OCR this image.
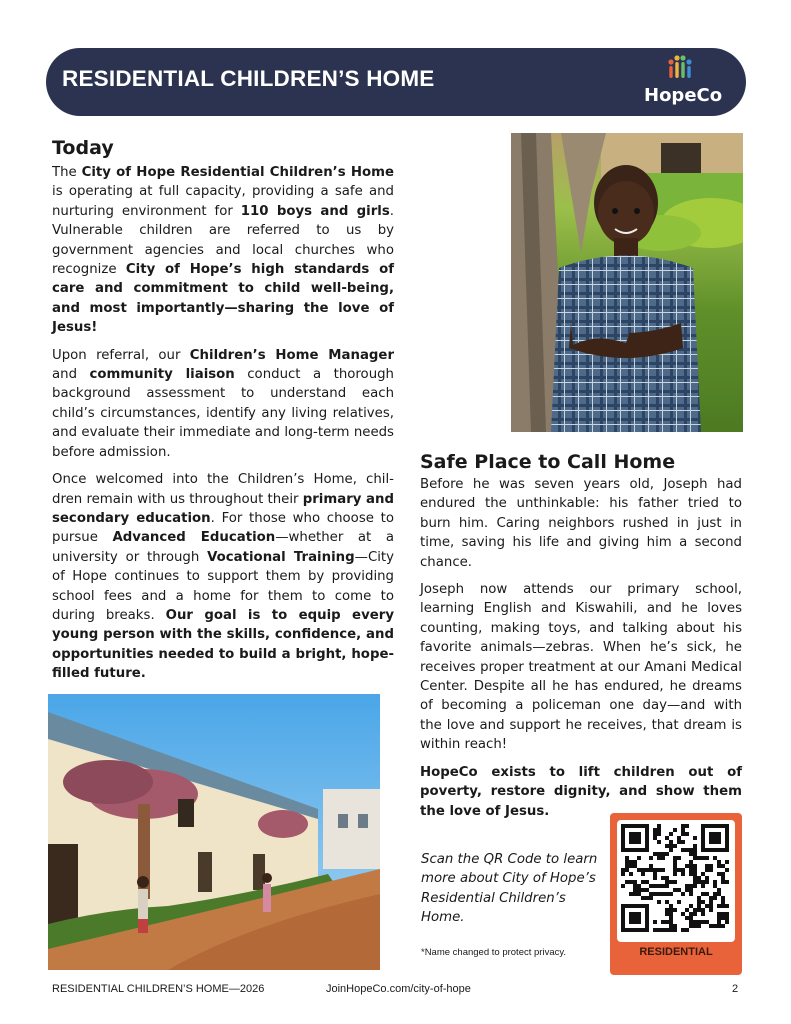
RESIDENTIAL CHILDREN’S HOME
HopeCo
Today

The City of Hope Residential Children’s Home is operating at full capacity, providing a safe and nurturing environment for 110 boys and girls. Vulnerable children are referred to us by government agencies and local churches who recognize City of Hope’s high standards of care and commitment to child well-being, and most importantly—sharing the love of Jesus!

Upon referral, our Children’s Home Manager and community liaison conduct a thorough background assessment to understand each child’s circumstances, identify any living relatives, and evaluate their immediate and long-term needs before admission.

Once welcomed into the Children’s Home, chil-dren remain with us throughout their primary and secondary education. For those who choose to pursue Advanced Education—whether at a university or through Vocational Training—City of Hope continues to support them by providing school fees and a home for them to come to during breaks. Our goal is to equip every young person with the skills, confidence, and opportunities needed to build a bright, hope-filled future.

Safe Place to Call Home

Before he was seven years old, Joseph had endured the unthinkable: his father tried to burn him. Caring neighbors rushed in just in time, saving his life and giving him a second chance.

Joseph now attends our primary school, learning English and Kiswahili, and he loves counting, making toys, and talking about his favorite animals—zebras. When he’s sick, he receives proper treatment at our Amani Medical Center. Despite all he has endured, he dreams of becoming a policeman one day—and with the love and support he receives, that dream is within reach!

HopeCo exists to lift children out of poverty, restore dignity, and show them the love of Jesus.

Scan the QR Code to learn more about City of Hope’s Residential Children’s Home.
*Name changed to protect privacy.	RESIDENTIAL
RESIDENTIAL CHILDREN’S HOME—2026	JoinHopeCo.com/city-of-hope	2
